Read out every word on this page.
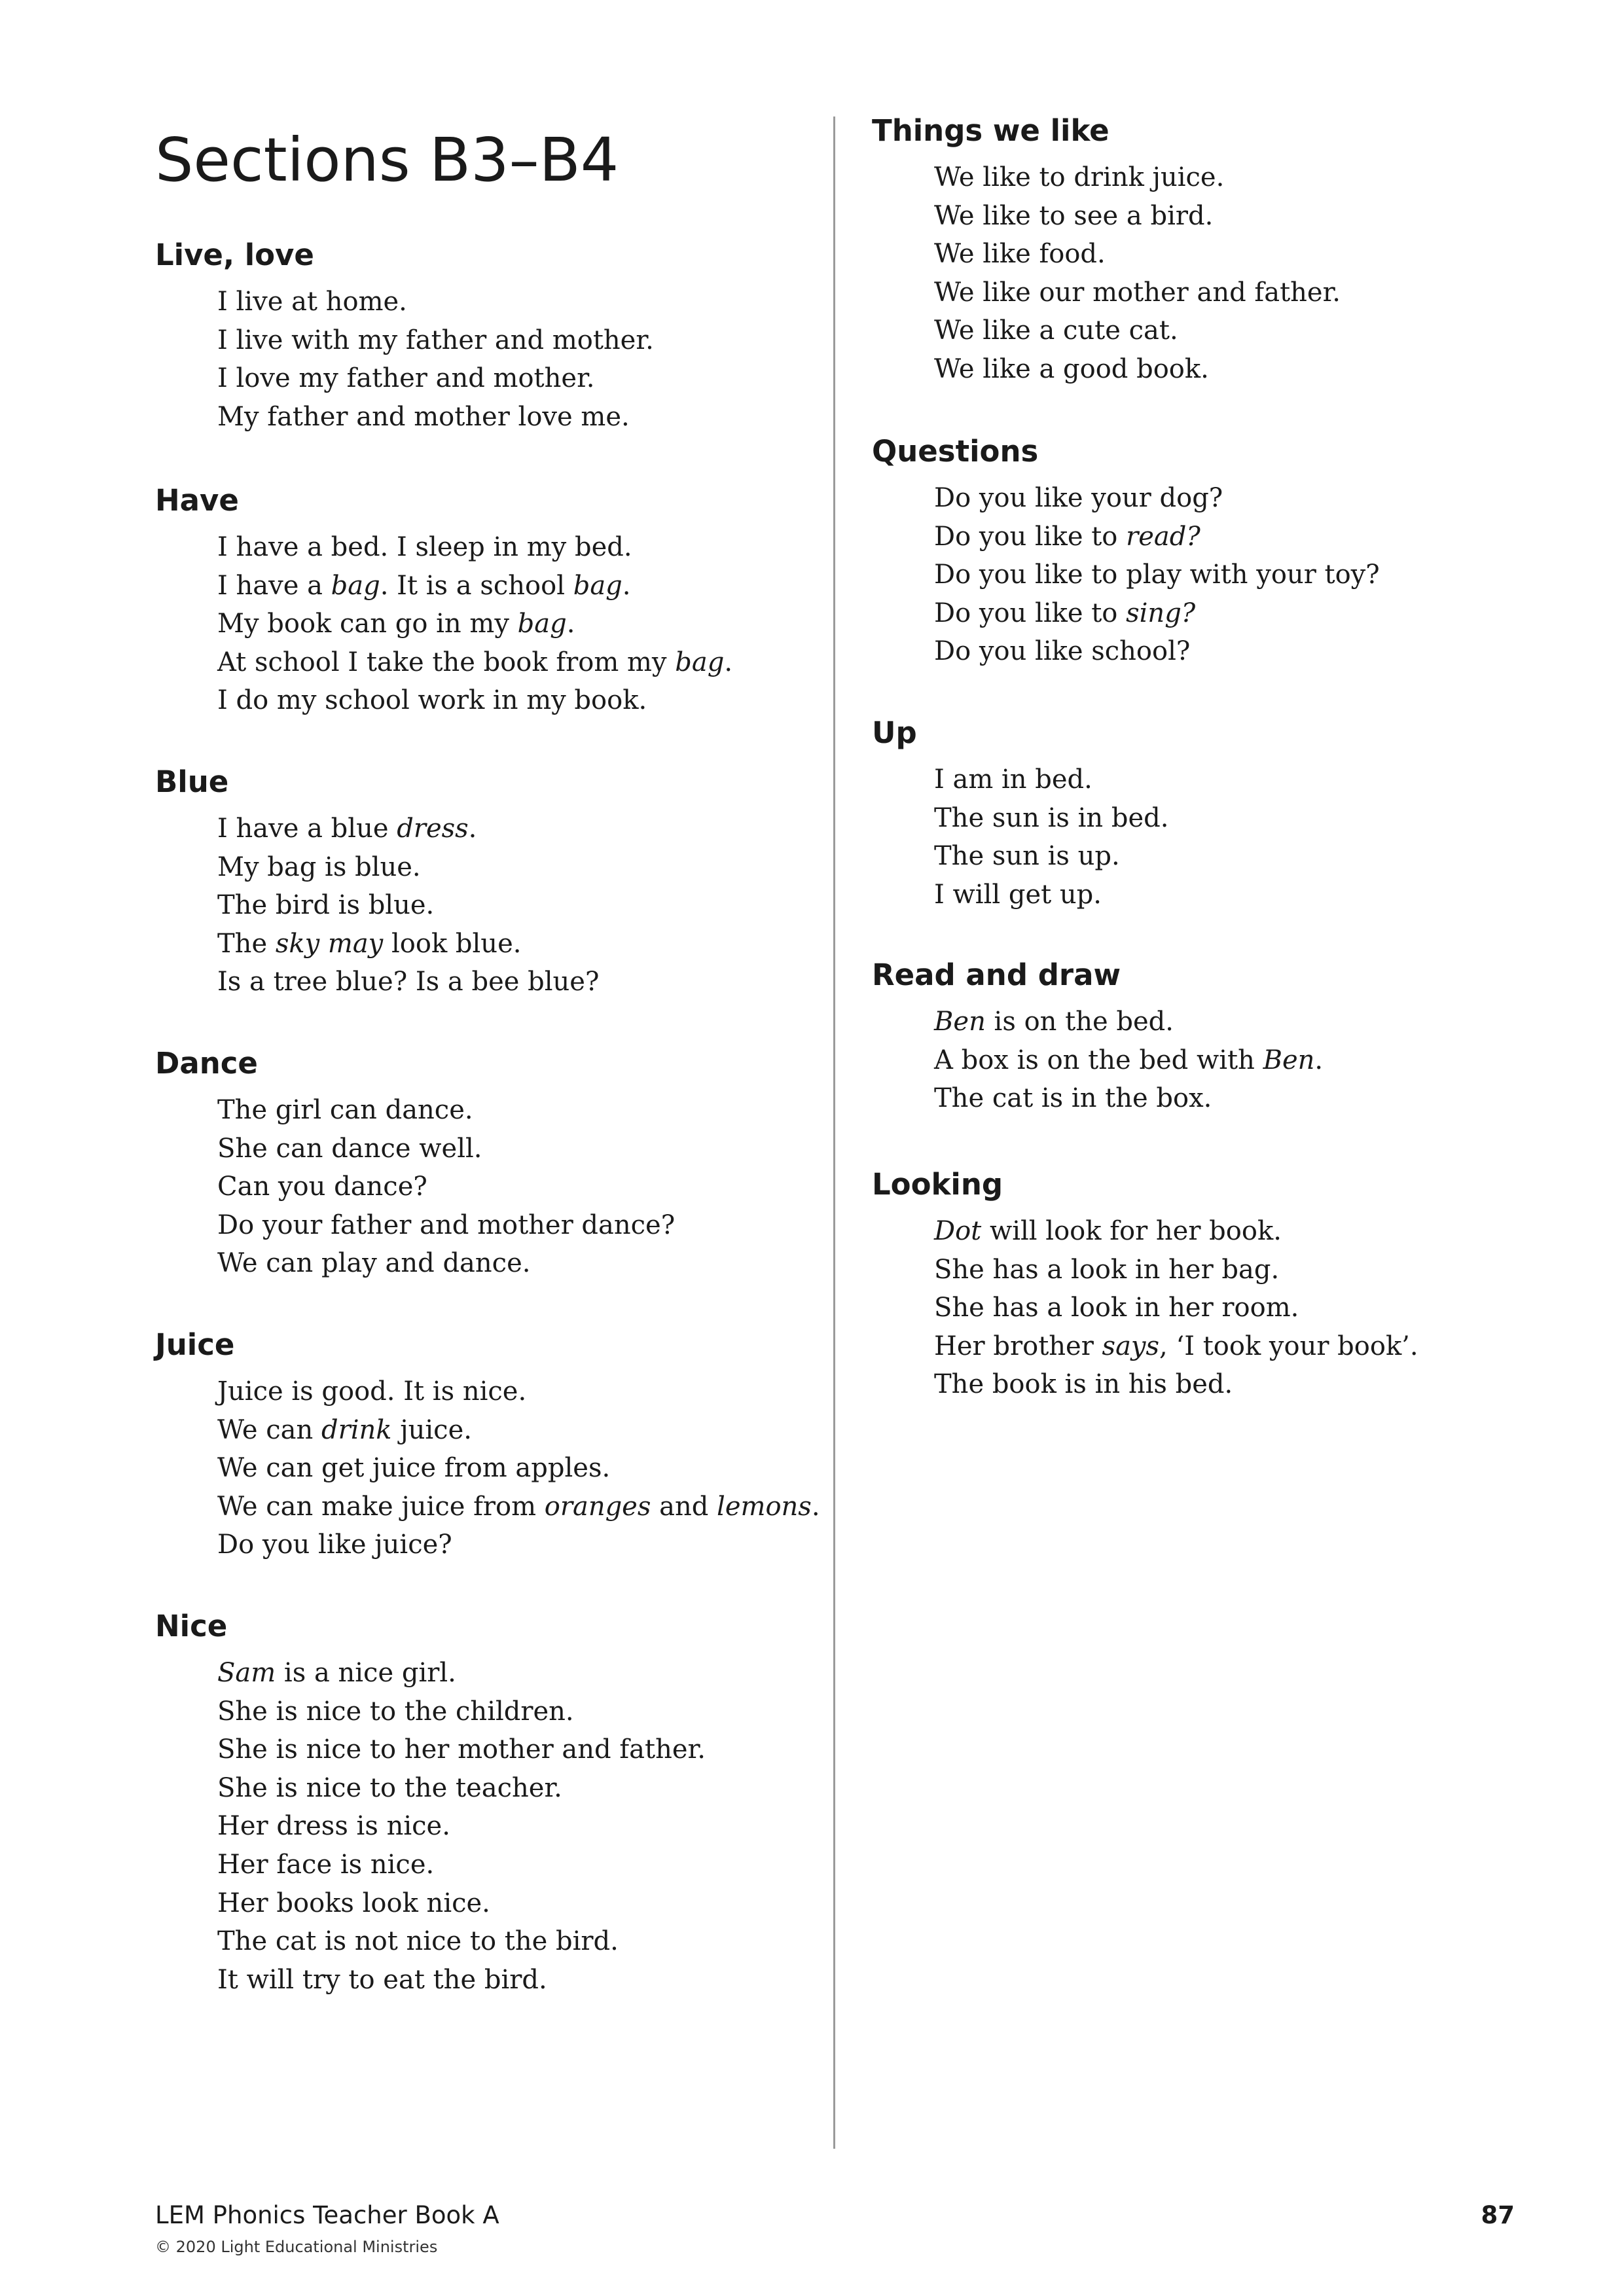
Sections B3–B4
Live, love
I live at home.
I live with my father and mother.
I love my father and mother.
My father and mother love me.
Have
I have a bed. I sleep in my bed.
I have a bag. It is a school bag.
My book can go in my bag.
At school I take the book from my bag.
I do my school work in my book.
Blue
I have a blue dress.
My bag is blue.
The bird is blue.
The sky may look blue.
Is a tree blue? Is a bee blue?
Dance
The girl can dance.
She can dance well.
Can you dance?
Do your father and mother dance?
We can play and dance.
Juice
Juice is good. It is nice.
We can drink juice.
We can get juice from apples.
We can make juice from oranges and lemons.
Do you like juice?
Nice
Sam is a nice girl.
She is nice to the children.
She is nice to her mother and father.
She is nice to the teacher.
Her dress is nice.
Her face is nice.
Her books look nice.
The cat is not nice to the bird.
It will try to eat the bird.
Things we like
We like to drink juice.
We like to see a bird.
We like food.
We like our mother and father.
We like a cute cat.
We like a good book.
Questions
Do you like your dog?
Do you like to read?
Do you like to play with your toy?
Do you like to sing?
Do you like school?
Up
I am in bed.
The sun is in bed.
The sun is up.
I will get up.
Read and draw
Ben is on the bed.
A box is on the bed with Ben.
The cat is in the box.
Looking
Dot will look for her book.
She has a look in her bag.
She has a look in her room.
Her brother says, ‘I took your book’.
The book is in his bed.
LEM Phonics Teacher Book A
© 2020 Light Educational Ministries
87
